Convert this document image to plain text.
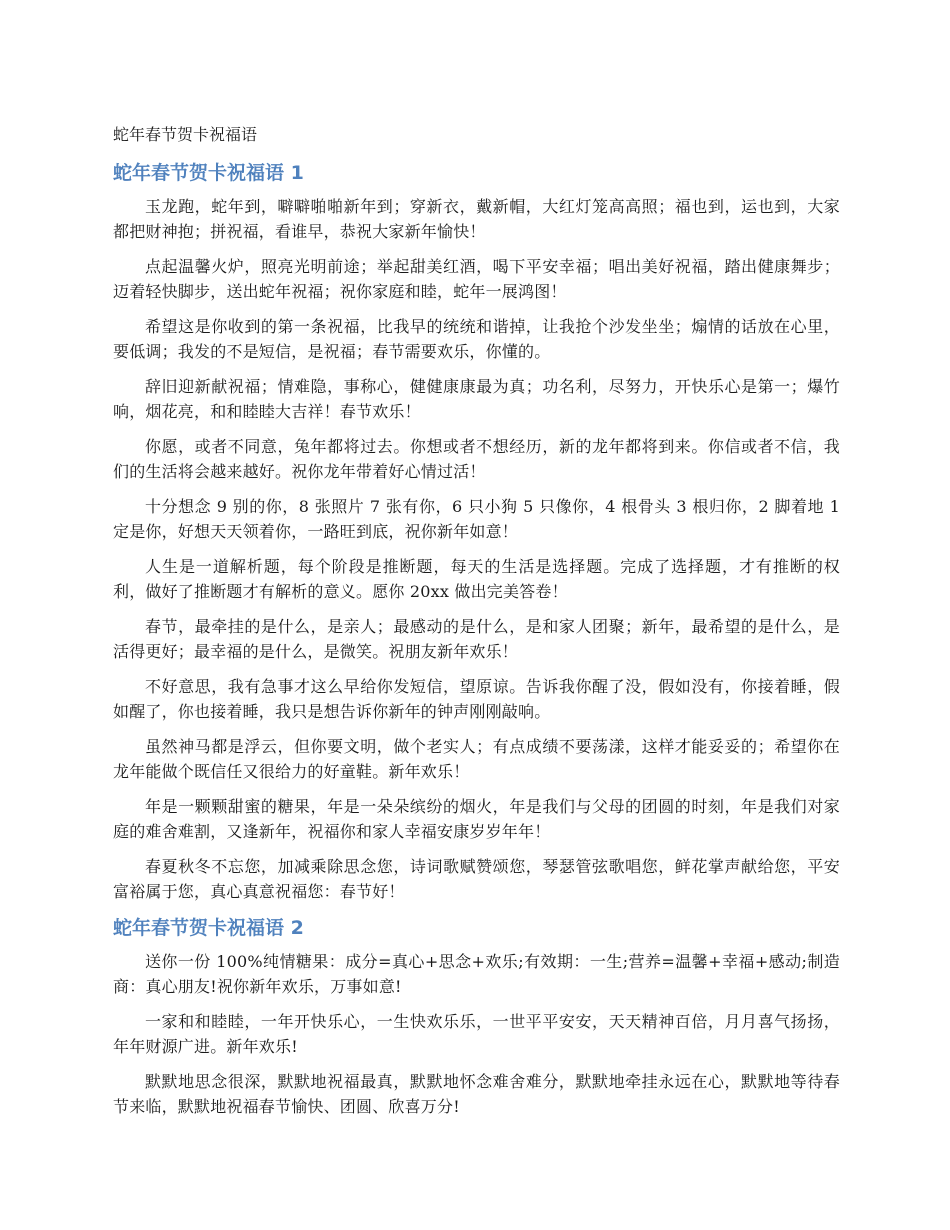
蛇年春节贺卡祝福语
蛇年春节贺卡祝福语 1

玉龙跑，蛇年到，噼噼啪啪新年到；穿新衣，戴新帽，大红灯笼高高照；福也到，运也到，大家都把财神抱；拼祝福，看谁早，恭祝大家新年愉快！

点起温馨火炉，照亮光明前途；举起甜美红酒，喝下平安幸福；唱出美好祝福，踏出健康舞步；迈着轻快脚步，送出蛇年祝福；祝你家庭和睦，蛇年一展鸿图！

希望这是你收到的第一条祝福，比我早的统统和谐掉，让我抢个沙发坐坐；煽情的话放在心里，要低调；我发的不是短信，是祝福；春节需要欢乐，你懂的。

辞旧迎新献祝福；情难隐，事称心，健健康康最为真；功名利，尽努力，开快乐心是第一；爆竹响，烟花亮，和和睦睦大吉祥！春节欢乐！

你愿，或者不同意，兔年都将过去。你想或者不想经历，新的龙年都将到来。你信或者不信，我们的生活将会越来越好。祝你龙年带着好心情过活！

十分想念 9 别的你，8 张照片 7 张有你，6 只小狗 5 只像你，4 根骨头 3 根归你，2 脚着地 1 定是你，好想天天领着你，一路旺到底，祝你新年如意！

人生是一道解析题，每个阶段是推断题，每天的生活是选择题。完成了选择题，才有推断的权利，做好了推断题才有解析的意义。愿你 20xx 做出完美答卷！

春节，最牵挂的是什么，是亲人；最感动的是什么，是和家人团聚；新年，最希望的是什么，是活得更好；最幸福的是什么，是微笑。祝朋友新年欢乐！

不好意思，我有急事才这么早给你发短信，望原谅。告诉我你醒了没，假如没有，你接着睡，假如醒了，你也接着睡，我只是想告诉你新年的钟声刚刚敲响。

虽然神马都是浮云，但你要文明，做个老实人；有点成绩不要荡漾，这样才能妥妥的；希望你在龙年能做个既信任又很给力的好童鞋。新年欢乐！

年是一颗颗甜蜜的糖果，年是一朵朵缤纷的烟火，年是我们与父母的团圆的时刻，年是我们对家庭的难舍难割，又逢新年，祝福你和家人幸福安康岁岁年年！

春夏秋冬不忘您，加减乘除思念您，诗词歌赋赞颂您，琴瑟管弦歌唱您，鲜花掌声献给您，平安富裕属于您，真心真意祝福您：春节好！

蛇年春节贺卡祝福语 2

送你一份 100%纯情糖果：成分=真心+思念+欢乐;有效期：一生;营养=温馨+幸福+感动;制造商：真心朋友!祝你新年欢乐，万事如意!

一家和和睦睦，一年开快乐心，一生快欢乐乐，一世平平安安，天天精神百倍，月月喜气扬扬，年年财源广进。新年欢乐!

默默地思念很深，默默地祝福最真，默默地怀念难舍难分，默默地牵挂永远在心，默默地等待春节来临，默默地祝福春节愉快、团圆、欣喜万分!
